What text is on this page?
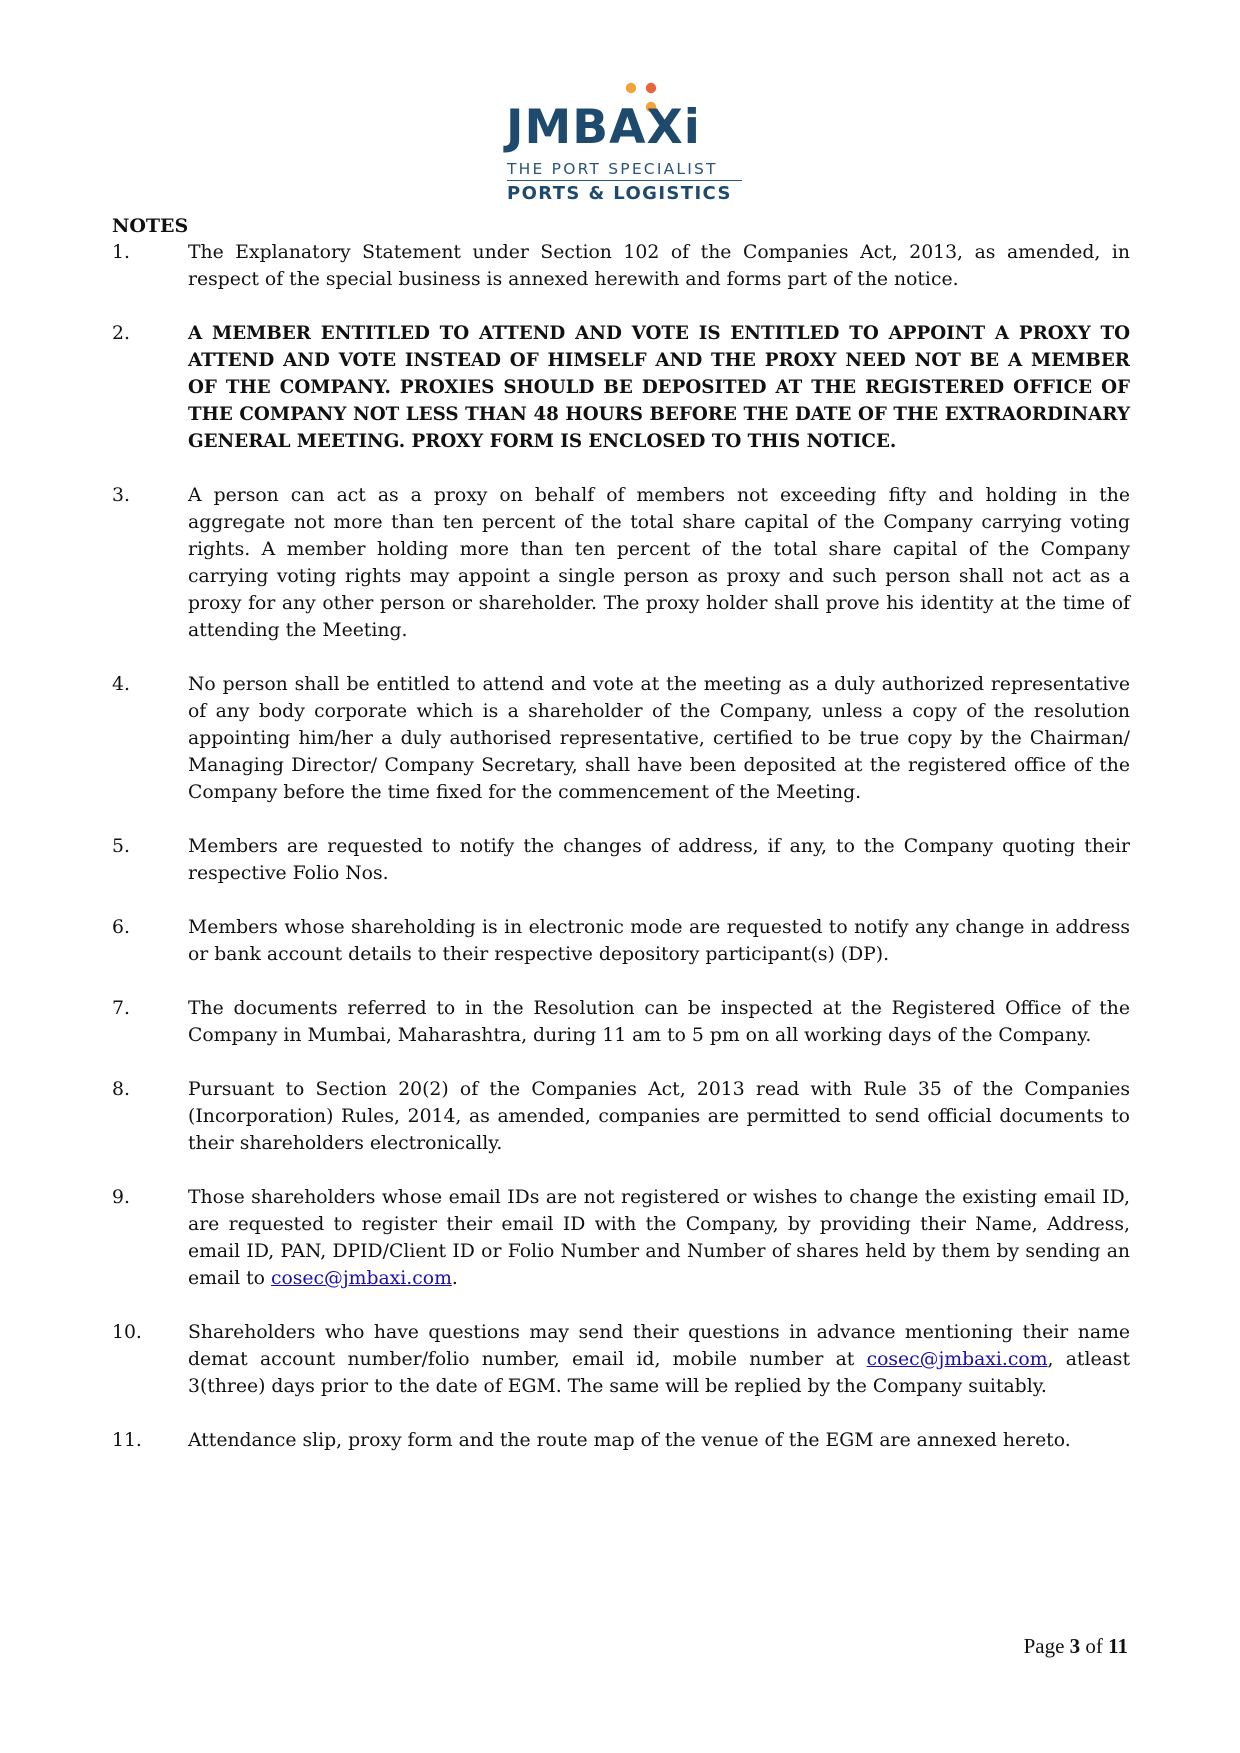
JMBAXi
THE PORT SPECIALIST
PORTS & LOGISTICS
NOTES
1.	The Explanatory Statement under Section 102 of the Companies Act, 2013, as amended, in respect of the special business is annexed herewith and forms part of the notice.
2.	A MEMBER ENTITLED TO ATTEND AND VOTE IS ENTITLED TO APPOINT A PROXY TO ATTEND AND VOTE INSTEAD OF HIMSELF AND THE PROXY NEED NOT BE A MEMBER OF THE COMPANY. PROXIES SHOULD BE DEPOSITED AT THE REGISTERED OFFICE OF THE COMPANY NOT LESS THAN 48 HOURS BEFORE THE DATE OF THE EXTRAORDINARY GENERAL MEETING. PROXY FORM IS ENCLOSED TO THIS NOTICE.
3.	A person can act as a proxy on behalf of members not exceeding fifty and holding in the aggregate not more than ten percent of the total share capital of the Company carrying voting rights. A member holding more than ten percent of the total share capital of the Company carrying voting rights may appoint a single person as proxy and such person shall not act as a proxy for any other person or shareholder. The proxy holder shall prove his identity at the time of attending the Meeting.
4.	No person shall be entitled to attend and vote at the meeting as a duly authorized representative of any body corporate which is a shareholder of the Company, unless a copy of the resolution appointing him/her a duly authorised representative, certified to be true copy by the Chairman/ Managing Director/ Company Secretary, shall have been deposited at the registered office of the Company before the time fixed for the commencement of the Meeting.
5.	Members are requested to notify the changes of address, if any, to the Company quoting their respective Folio Nos.
6.	Members whose shareholding is in electronic mode are requested to notify any change in address or bank account details to their respective depository participant(s) (DP).
7.	The documents referred to in the Resolution can be inspected at the Registered Office of the Company in Mumbai, Maharashtra, during 11 am to 5 pm on all working days of the Company.
8.	Pursuant to Section 20(2) of the Companies Act, 2013 read with Rule 35 of the Companies (Incorporation) Rules, 2014, as amended, companies are permitted to send official documents to their shareholders electronically.
9.	Those shareholders whose email IDs are not registered or wishes to change the existing email ID, are requested to register their email ID with the Company, by providing their Name, Address, email ID, PAN, DPID/Client ID or Folio Number and Number of shares held by them by sending an email to cosec@jmbaxi.com.
10.	Shareholders who have questions may send their questions in advance mentioning their name demat account number/folio number, email id, mobile number at cosec@jmbaxi.com, atleast 3(three) days prior to the date of EGM. The same will be replied by the Company suitably.
11.	Attendance slip, proxy form and the route map of the venue of the EGM are annexed hereto.
Page 3 of 11
